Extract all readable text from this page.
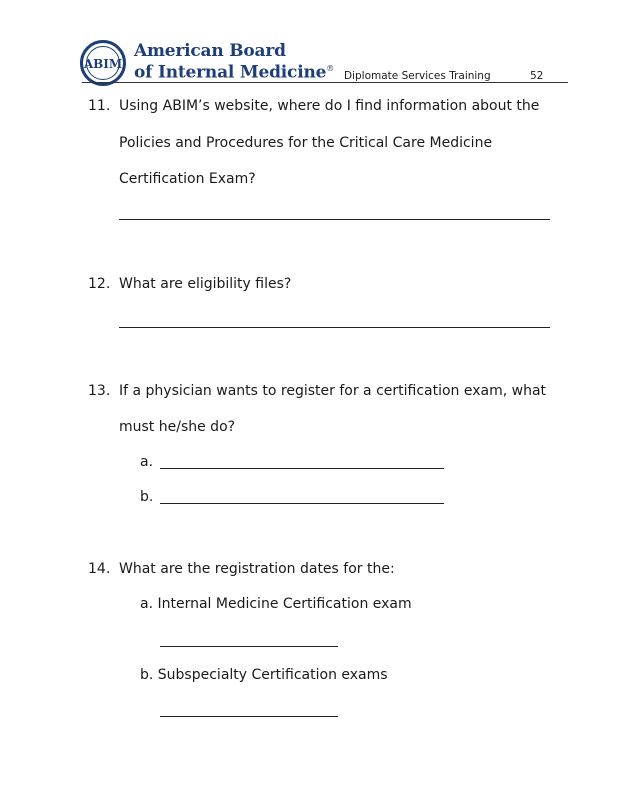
ABIM
American Board
of Internal Medicine®
Diplomate Services Training	52
11. Using ABIM’s website, where do I find information about the
Policies and Procedures for the Critical Care Medicine
Certification Exam?
12. What are eligibility files?
13. If a physician wants to register for a certification exam, what
must he/she do?
a.
b.
14. What are the registration dates for the:
a. Internal Medicine Certification exam
b. Subspecialty Certification exams
